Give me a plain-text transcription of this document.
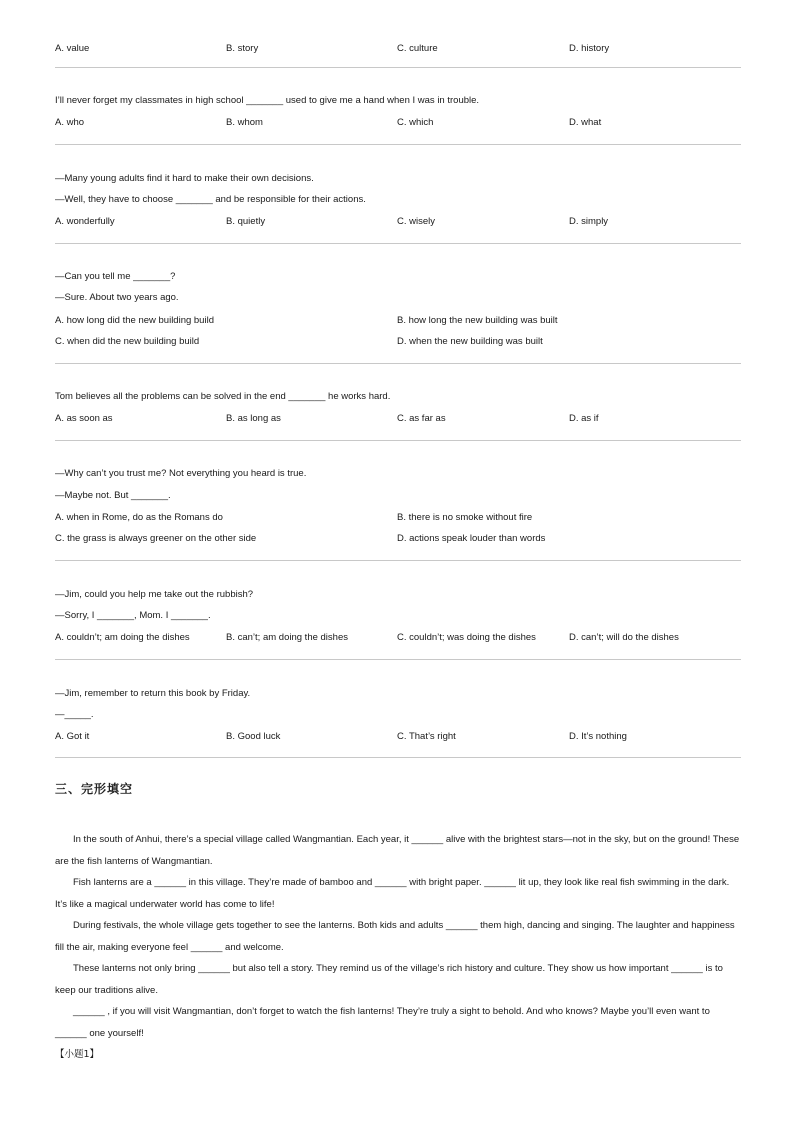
A. value	B. story	C. culture	D. history
I’ll never forget my classmates in high school _______ used to give me a hand when I was in trouble.
A. who	B. whom	C. which	D. what
—Many young adults find it hard to make their own decisions.
—Well, they have to choose _______ and be responsible for their actions.
A. wonderfully	B. quietly	C. wisely	D. simply
—Can you tell me _______?
—Sure. About two years ago.
A. how long did the new building build	B. how long the new building was built
C. when did the new building build	D. when the new building was built
Tom believes all the problems can be solved in the end _______ he works hard.
A. as soon as	B. as long as	C. as far as	D. as if
—Why can’t you trust me? Not everything you heard is true.
—Maybe not. But _______.
A. when in Rome, do as the Romans do	B. there is no smoke without fire
C. the grass is always greener on the other side	D. actions speak louder than words
—Jim, could you help me take out the rubbish?
—Sorry, I _______, Mom. I _______.
A. couldn’t; am doing the dishes	B. can’t; am doing the dishes	C. couldn’t; was doing the dishes	D. can’t; will do the dishes
—Jim, remember to return this book by Friday.
—_____.
A. Got it	B. Good luck	C. That’s right	D. It’s nothing
三、完形填空
In the south of Anhui, there’s a special village called Wangmantian. Each year, it ______ alive with the brightest stars—not in the sky, but on the ground! These are the fish lanterns of Wangmantian.
Fish lanterns are a ______ in this village. They’re made of bamboo and ______ with bright paper. ______ lit up, they look like real fish swimming in the dark. It’s like a magical underwater world has come to life!
During festivals, the whole village gets together to see the lanterns. Both kids and adults ______ them high, dancing and singing. The laughter and happiness fill the air, making everyone feel ______ and welcome.
These lanterns not only bring ______ but also tell a story. They remind us of the village’s rich history and culture. They show us how important ______ is to keep our traditions alive.
______ , if you will visit Wangmantian, don’t forget to watch the fish lanterns! They’re truly a sight to behold. And who knows? Maybe you’ll even want to ______ one yourself!
【小题1】
